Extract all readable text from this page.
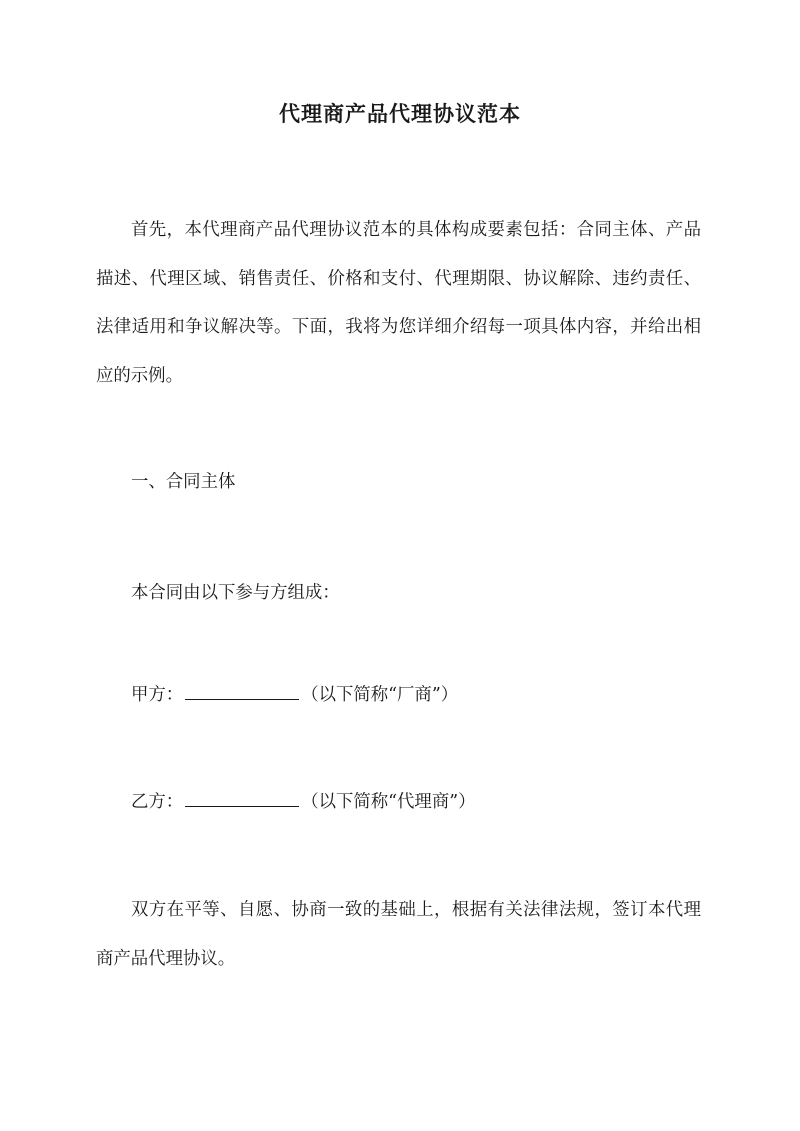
代理商产品代理协议范本

首先，本代理商产品代理协议范本的具体构成要素包括：合同主体、产品描述、代理区域、销售责任、价格和支付、代理期限、协议解除、违约责任、法律适用和争议解决等。下面，我将为您详细介绍每一项具体内容，并给出相应的示例。

一、合同主体

本合同由以下参与方组成：

甲方：	（以下简称“厂商”）

乙方：	（以下简称“代理商”）

双方在平等、自愿、协商一致的基础上，根据有关法律法规，签订本代理商产品代理协议。
